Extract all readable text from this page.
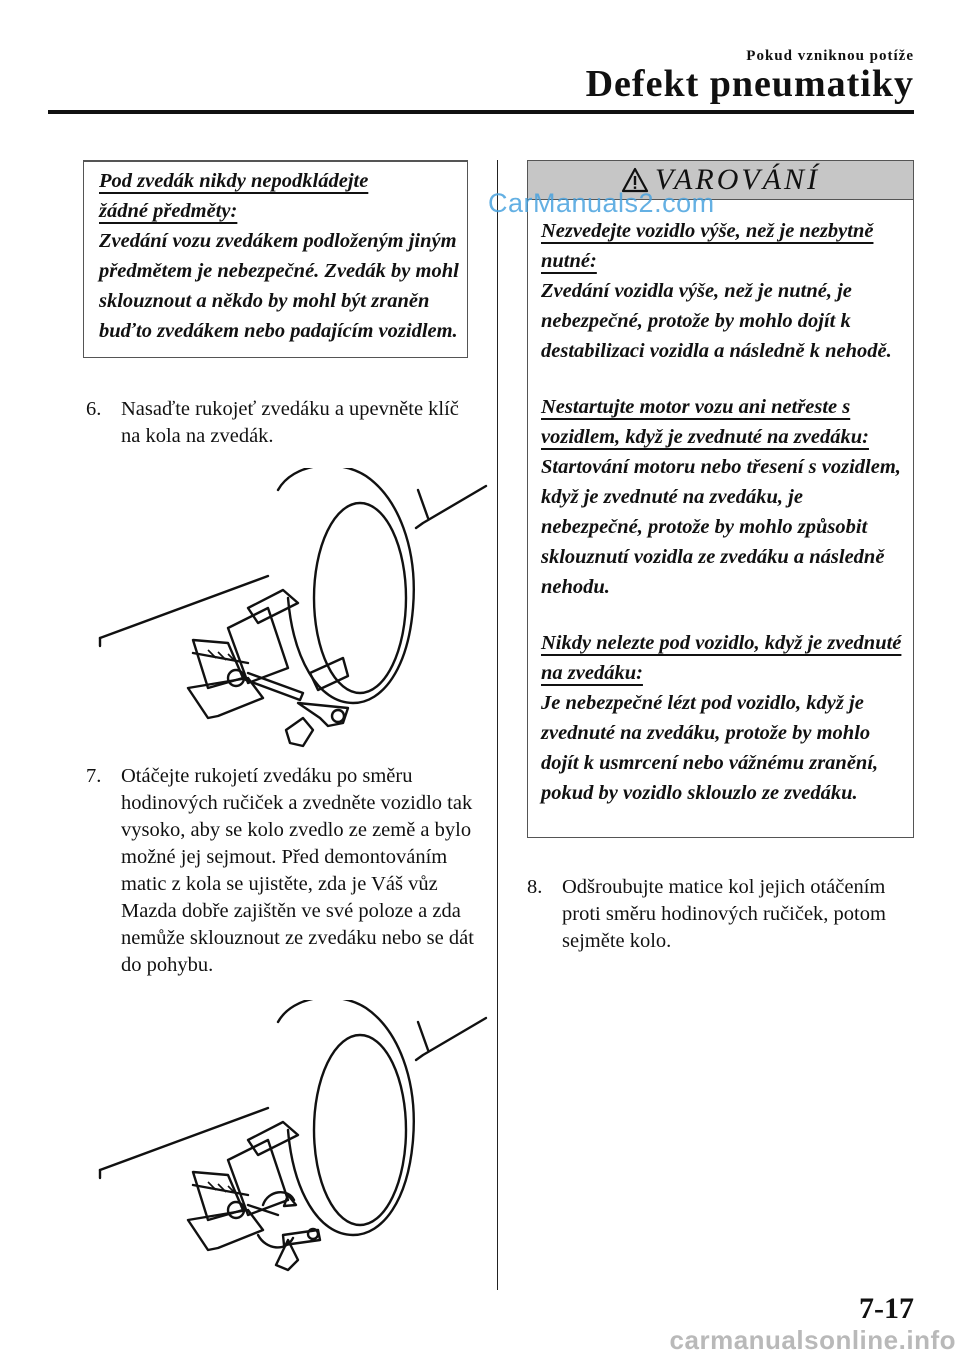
Pokud vzniknou potíže
Defekt pneumatiky
Pod zvedák nikdy nepodkládejte
žádné předměty:
Zvedání vozu zvedákem podloženým jiným předmětem je nebezpečné. Zvedák by mohl sklouznout a někdo by mohl být zraněn buďto zvedákem nebo padajícím vozidlem.
6. Nasaďte rukojeť zvedáku a upevněte klíč na kola na zvedák.
7. Otáčejte rukojetí zvedáku po směru hodinových ručiček a zvedněte vozidlo tak vysoko, aby se kolo zvedlo ze země a bylo možné jej sejmout. Před demontováním matic z kola se ujistěte, zda je Váš vůz Mazda dobře zajištěn ve své poloze a zda nemůže sklouznout ze zvedáku nebo se dát do pohybu.
VAROVÁNÍ

Nezvedejte vozidlo výše, než je nezbytně nutné:
Zvedání vozidla výše, než je nutné, je nebezpečné, protože by mohlo dojít k destabilizaci vozidla a následně k nehodě.

Nestartujte motor vozu ani netřeste s vozidlem, když je zvednuté na zvedáku:
Startování motoru nebo třesení s vozidlem, když je zvednuté na zvedáku, je nebezpečné, protože by mohlo způsobit sklouznutí vozidla ze zvedáku a následně nehodu.

Nikdy nelezte pod vozidlo, když je zvednuté na zvedáku:
Je nebezpečné lézt pod vozidlo, když je zvednuté na zvedáku, protože by mohlo dojít k usmrcení nebo vážnému zranění, pokud by vozidlo sklouzlo ze zvedáku.

8. Odšroubujte matice kol jejich otáčením proti směru hodinových ručiček, potom sejměte kolo.
CarManuals2.com
7-17
carmanualsonline.info
